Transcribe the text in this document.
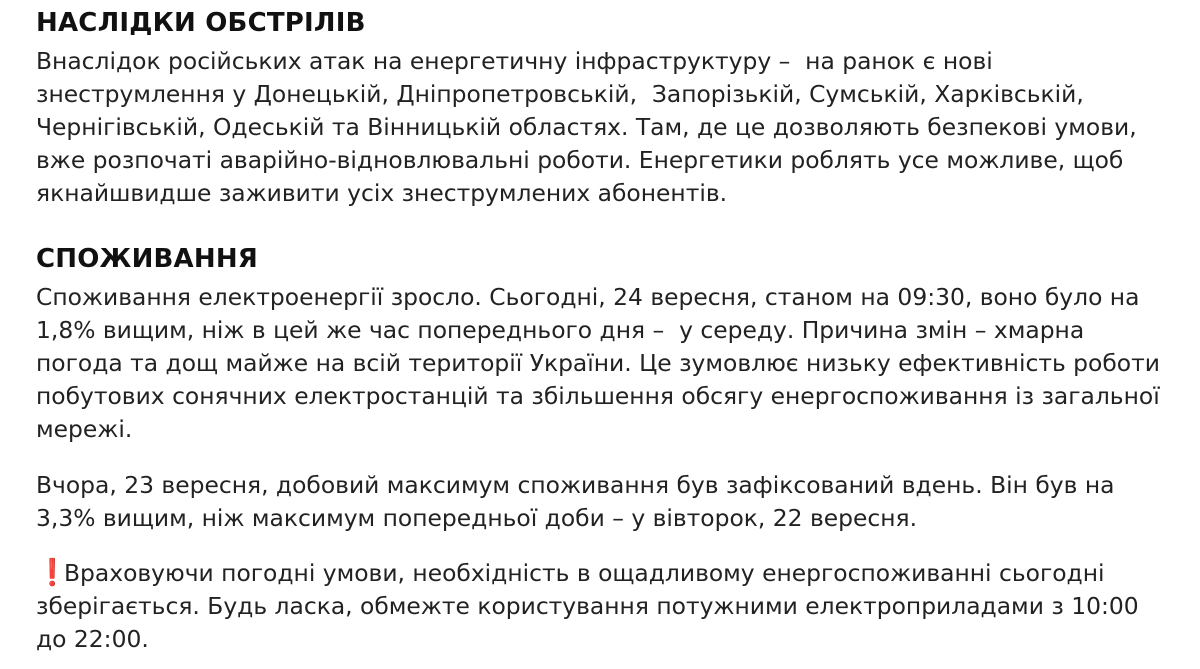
НАСЛІДКИ ОБСТРІЛІВ

Внаслідок російських атак на енергетичну інфраструктуру –  на ранок є нові
знеструмлення у Донецькій, Дніпропетровській,  Запорізькій, Сумській, Харківській,
Чернігівській, Одеській та Вінницькій областях. Там, де це дозволяють безпекові умови,
вже розпочаті аварійно-відновлювальні роботи. Енергетики роблять усе можливе, щоб
якнайшвидше заживити усіх знеструмлених абонентів.

СПОЖИВАННЯ

Споживання електроенергії зросло. Сьогодні, 24 вересня, станом на 09:30, воно було на
1,8% вищим, ніж в цей же час попереднього дня –  у середу. Причина змін – хмарна
погода та дощ майже на всій території України. Це зумовлює низьку ефективність роботи
побутових сонячних електростанцій та збільшення обсягу енергоспоживання із загальної
мережі.

Вчора, 23 вересня, добовий максимум споживання був зафіксований вдень. Він був на
3,3% вищим, ніж максимум попередньої доби – у вівторок, 22 вересня.

❗Враховуючи погодні умови, необхідність в ощадливому енергоспоживанні сьогодні
зберігається. Будь ласка, обмежте користування потужними електроприладами з 10:00
до 22:00.
